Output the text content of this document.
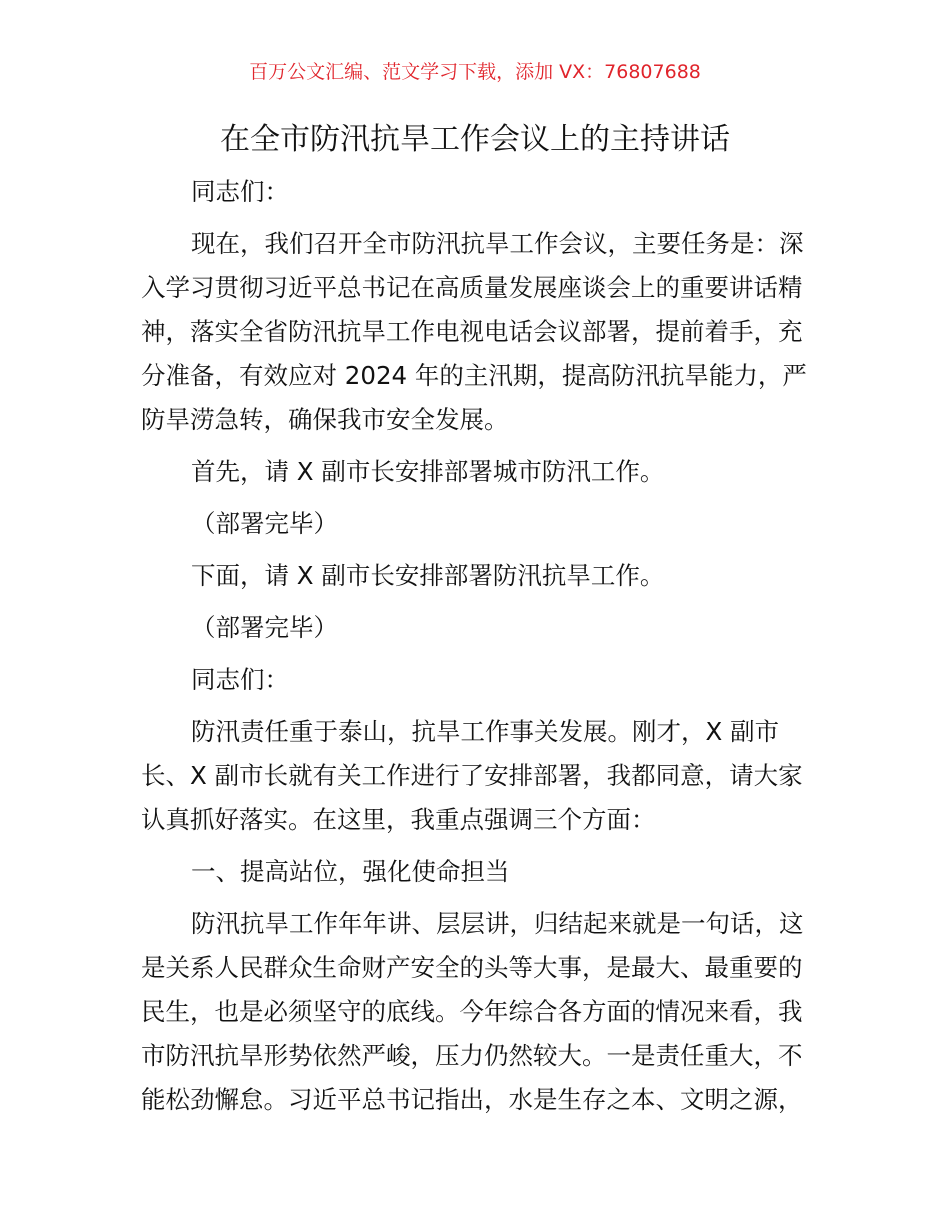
百万公文汇编、范文学习下载，添加 VX：76807688
在全市防汛抗旱工作会议上的主持讲话
同志们：
现在，我们召开全市防汛抗旱工作会议，主要任务是：深
入学习贯彻习近平总书记在高质量发展座谈会上的重要讲话精
神，落实全省防汛抗旱工作电视电话会议部署，提前着手，充
分准备，有效应对 2024 年的主汛期，提高防汛抗旱能力，严
防旱涝急转，确保我市安全发展。
首先，请 X 副市长安排部署城市防汛工作。
（部署完毕）
下面，请 X 副市长安排部署防汛抗旱工作。
（部署完毕）
同志们：
防汛责任重于泰山，抗旱工作事关发展。刚才，X 副市
长、X 副市长就有关工作进行了安排部署，我都同意，请大家
认真抓好落实。在这里，我重点强调三个方面：
一、提高站位，强化使命担当
防汛抗旱工作年年讲、层层讲，归结起来就是一句话，这
是关系人民群众生命财产安全的头等大事，是最大、最重要的
民生，也是必须坚守的底线。今年综合各方面的情况来看，我
市防汛抗旱形势依然严峻，压力仍然较大。一是责任重大，不
能松劲懈怠。习近平总书记指出，水是生存之本、文明之源，
